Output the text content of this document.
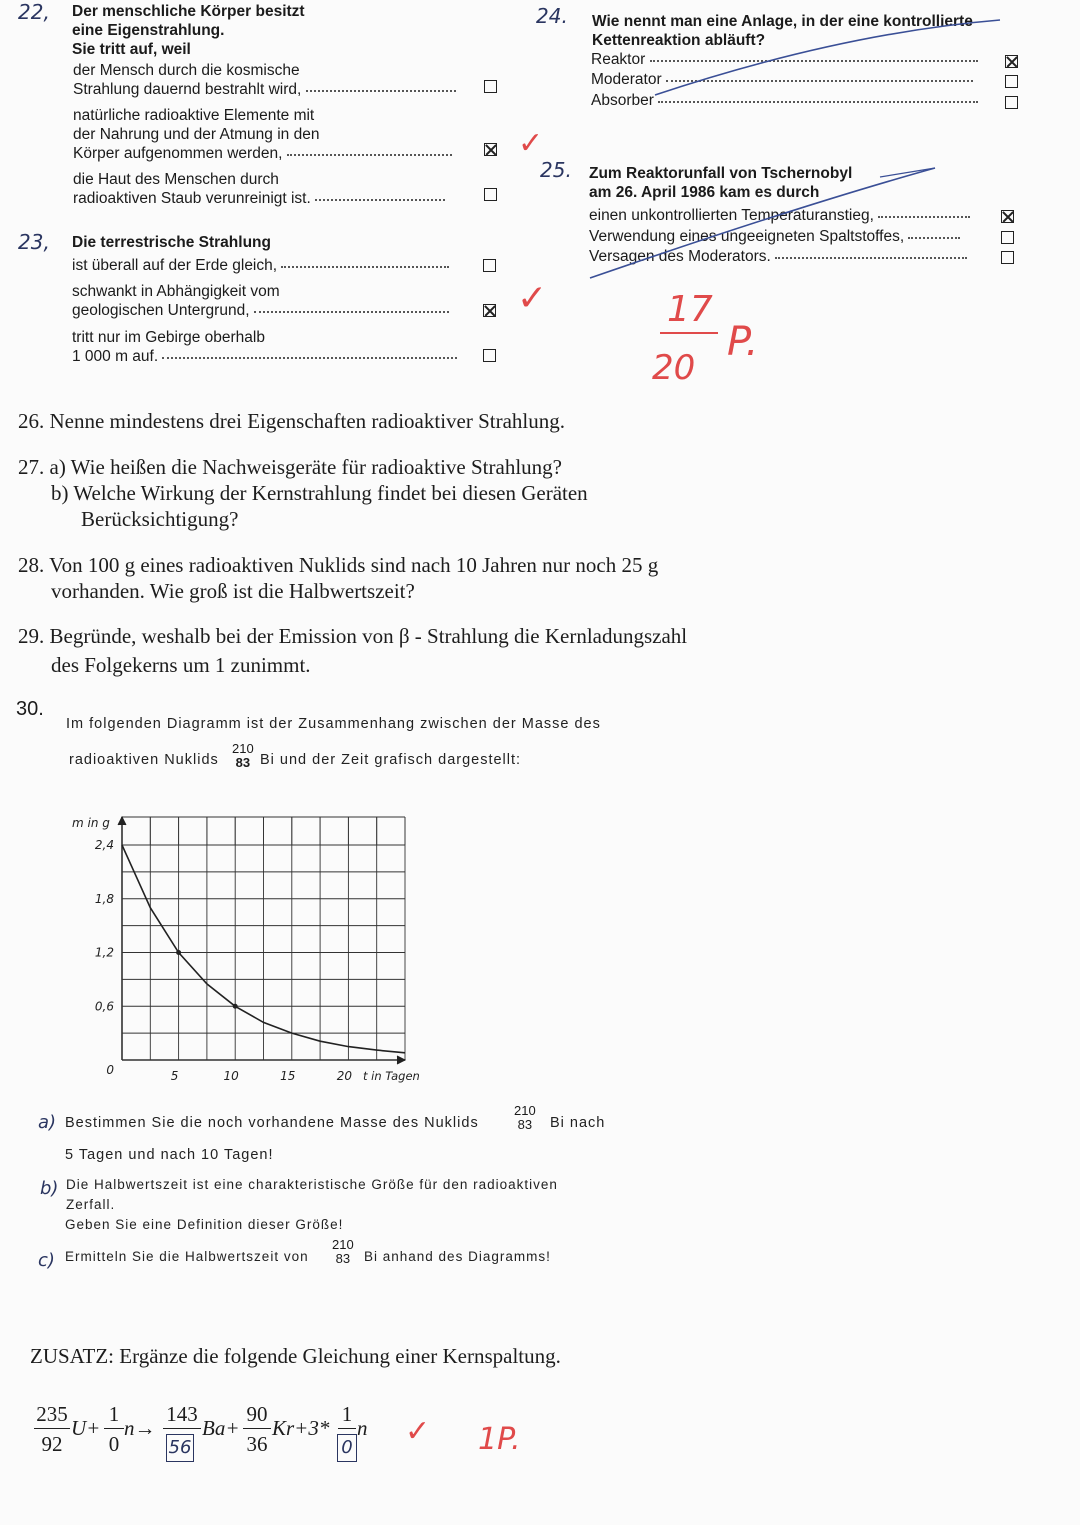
22, Der menschliche Körper besitzt
eine Eigenstrahlung.
Sie tritt auf, weil
der Mensch durch die kosmische
Strahlung dauernd bestrahlt wird,
natürliche radioaktive Elemente mit
der Nahrung und der Atmung in den
Körper aufgenommen werden,	✓
die Haut des Menschen durch
radioaktiven Staub verunreinigt ist.
23, Die terrestrische Strahlung
ist überall auf der Erde gleich,
schwankt in Abhängigkeit vom
geologischen Untergrund,	✓
tritt nur im Gebirge oberhalb
1 000 m auf.
24. Wie nennt man eine Anlage, in der eine kontrollierte
Kettenreaktion abläuft?
Reaktor
Moderator
Absorber
25. Zum Reaktorunfall von Tschernobyl
am 26. April 1986 kam es durch
einen unkontrollierten Temperaturanstieg,
Verwendung eines ungeeigneten Spaltstoffes,
Versagen des Moderators.
17
20
P.
26. Nenne mindestens drei Eigenschaften radioaktiver Strahlung.
27. a) Wie heißen die Nachweisgeräte für radioaktive Strahlung?
b) Welche Wirkung der Kernstrahlung findet bei diesen Geräten
Berücksichtigung?
28. Von 100 g eines radioaktiven Nuklids sind nach 10 Jahren nur noch 25 g
vorhanden. Wie groß ist die Halbwertszeit?
29. Begründe, weshalb bei der Emission von β - Strahlung die Kernladungszahl
des Folgekerns um 1 zunimmt.
30.
Im folgenden Diagramm ist der Zusammenhang zwischen der Masse des
radioaktiven Nuklids
210
83 Bi und der Zeit grafisch dargestellt:
0
0,6
1,2
1,8
2,4
5	10	15	20 t in Tagen
m in g
a) Bestimmen Sie die noch vorhandene Masse des Nuklids
210
83 Bi nach
5 Tagen und nach 10 Tagen!
b) Die Halbwertszeit ist eine charakteristische Größe für den radioaktiven
Zerfall.
Geben Sie eine Definition dieser Größe!
c) Ermitteln Sie die Halbwertszeit von
210
83 Bi anhand des Diagramms!
ZUSATZ: Ergänze die folgende Gleichung einer Kernspaltung.
235
92
U+
1
0
n→
143
56
Ba+
90
36
Kr+3*
1
0
n ✓ 1P.
